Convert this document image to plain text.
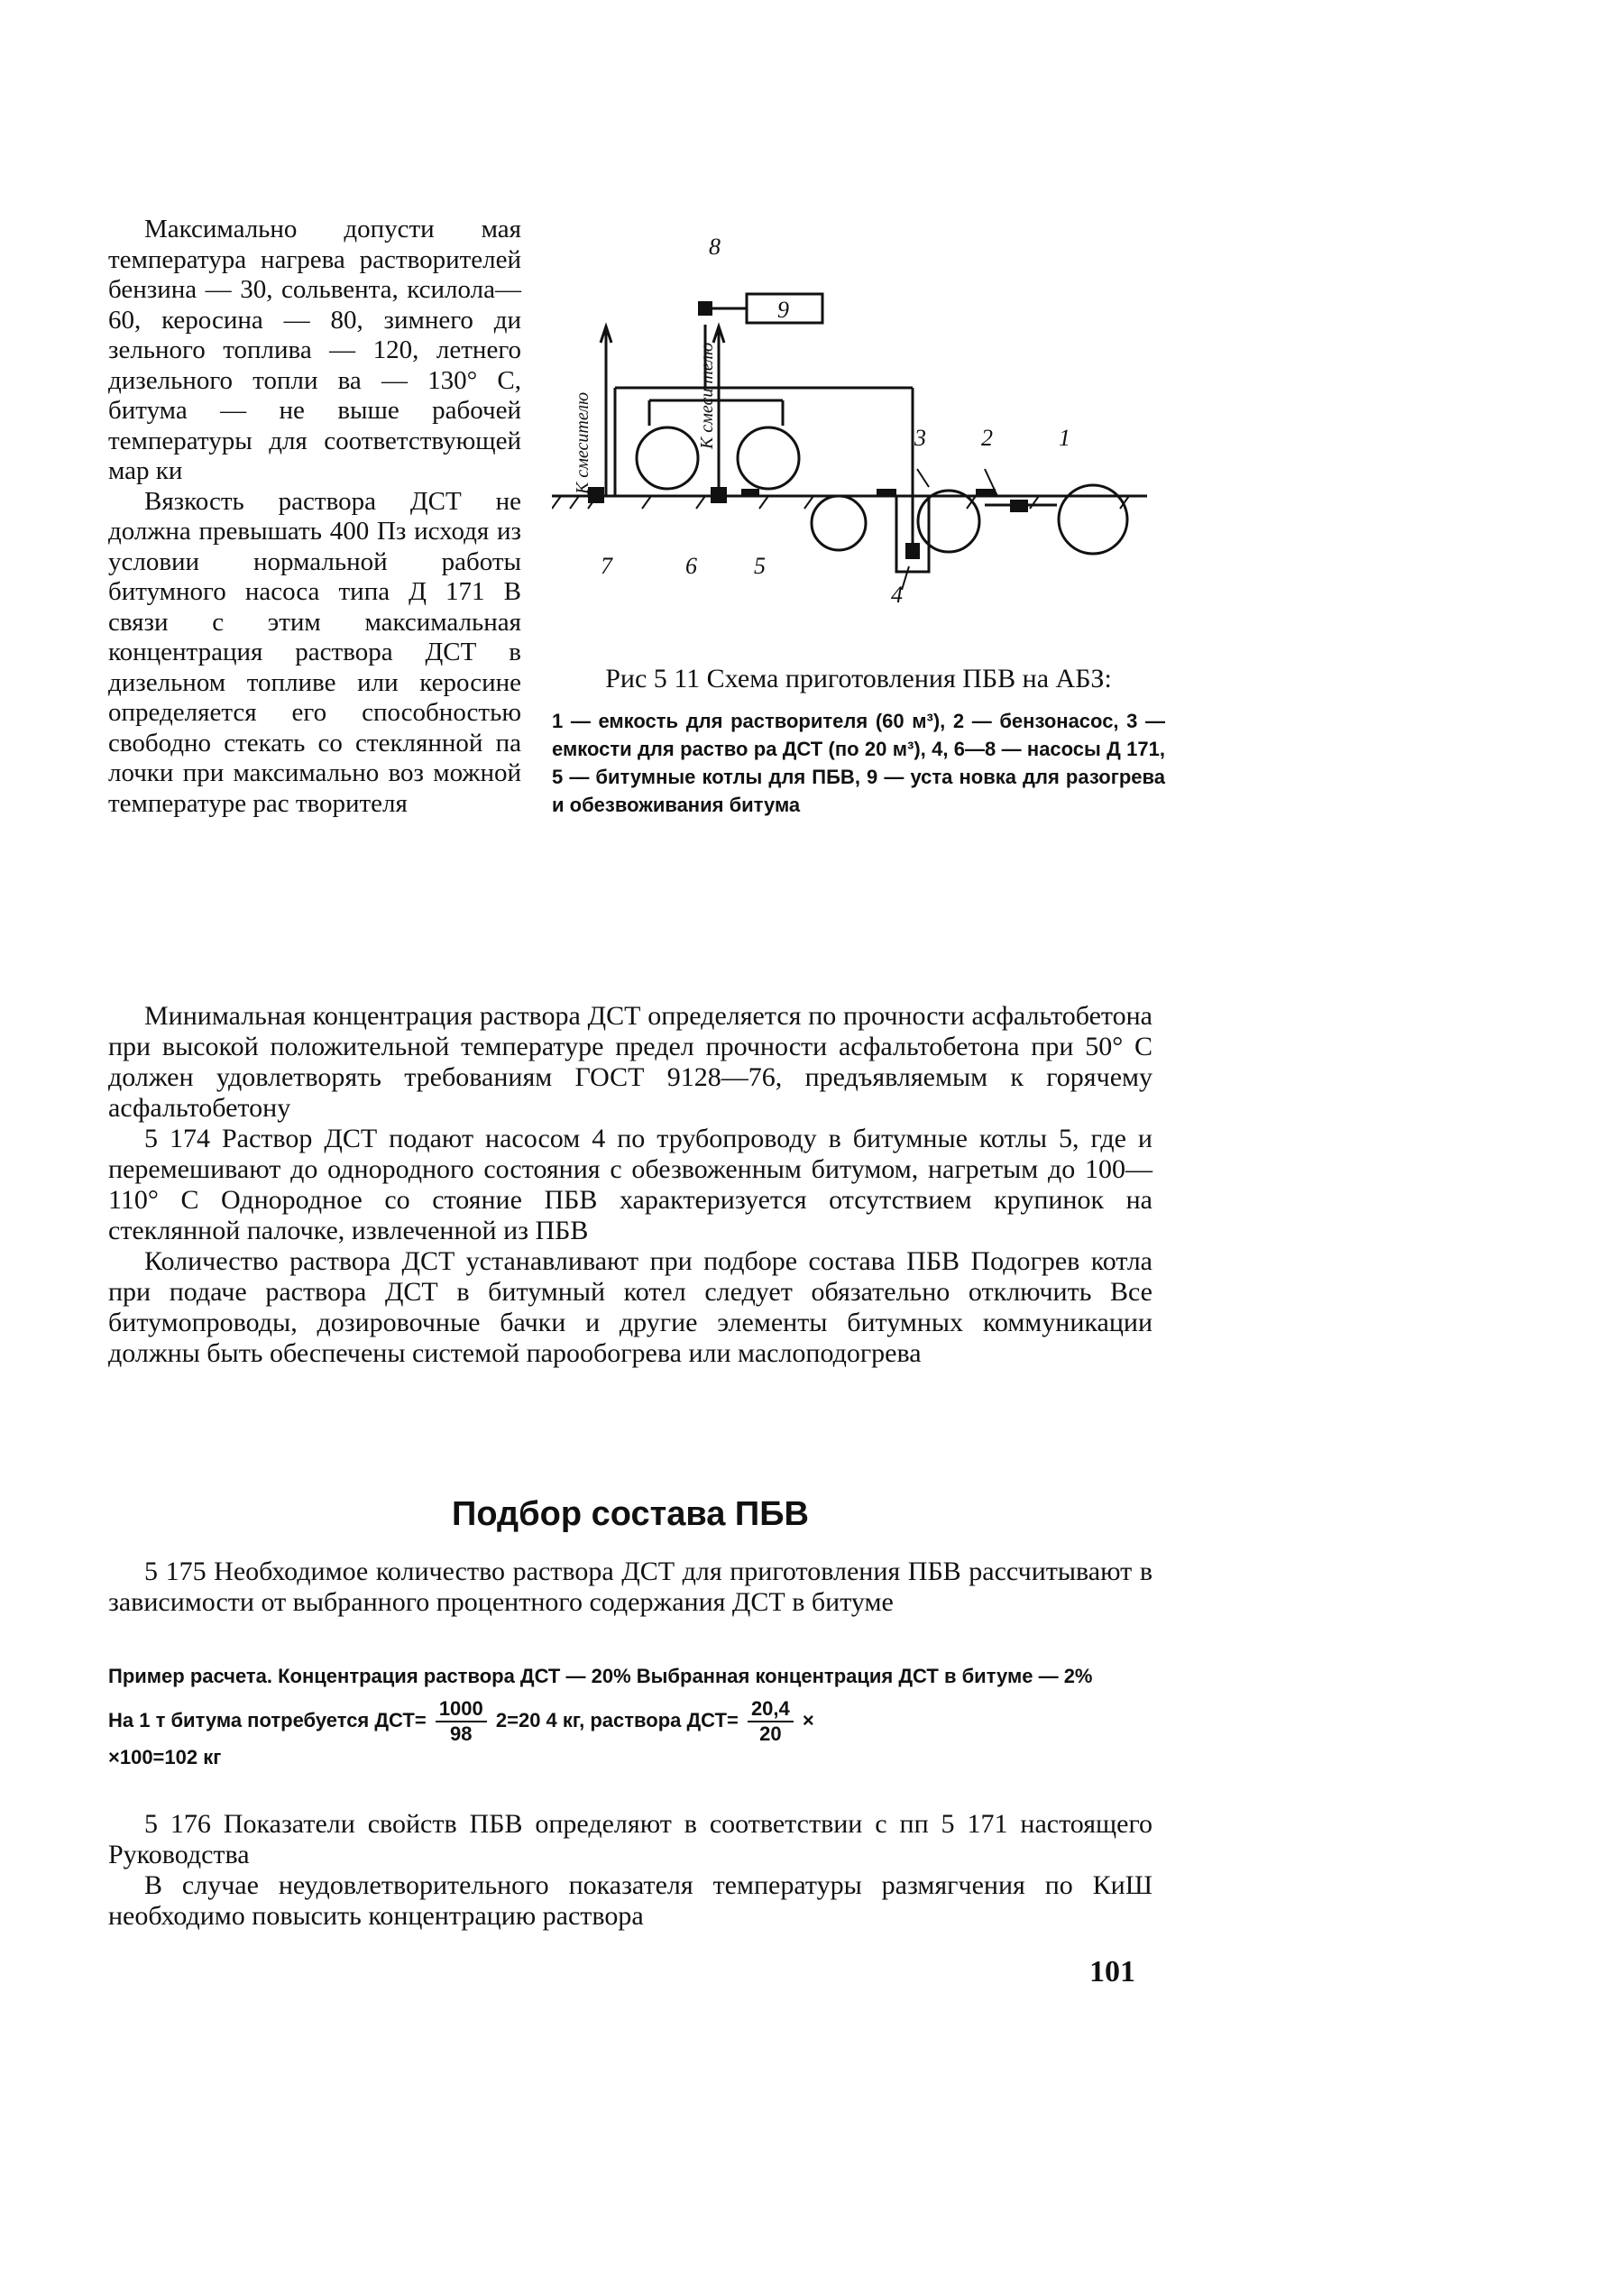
Максимально допусти мая температура нагрева растворителей бензина — 30, сольвента, ксилола—60, керосина — 80, зимнего ди зельного топлива — 120, летнего дизельного топли ва — 130° С, битума — не выше рабочей температуры для соответствующей мар ки

Вязкость раствора ДСТ не должна превышать 400 Пз исходя из условии нормальной работы битумного насоса типа Д 171 В связи с этим максимальная концентрация раствора ДСТ в дизельном топливе или керосине определяется его способностью свободно стекать со стеклянной па лочки при максимально воз можной температуре рас творителя

8
9
3 2	1
7	6 5
4
К смесителю	К смеси телю

Рис 5 11 Схема приготовления ПБВ на АБЗ:

1 — емкость для растворителя (60 м³), 2 — бензонасос, 3 — емкости для раство ра ДСТ (по 20 м³), 4, 6—8 — насосы Д 171, 5 — битумные котлы для ПБВ, 9 — уста новка для разогрева и обезвоживания битума

Минимальная концентрация раствора ДСТ определяется по прочности асфальтобетона при высокой положительной температуре предел прочности асфальтобетона при 50° С должен удовлетворять требованиям ГОСТ 9128—76, предъявляемым к горячему асфальтобетону

5 174 Раствор ДСТ подают насосом 4 по трубопроводу в битумные котлы 5, где и перемешивают до однородного состояния с обезвоженным битумом, нагретым до 100—110° С Однородное со стояние ПБВ характеризуется отсутствием крупинок на стеклянной палочке, извлеченной из ПБВ

Количество раствора ДСТ устанавливают при подборе состава ПБВ Подогрев котла при подаче раствора ДСТ в битумный котел следует обязательно отключить Все битумопроводы, дозировочные бачки и другие элементы битумных коммуникации должны быть обеспечены системой парообогрева или маслоподогрева

Подбор состава ПБВ

5 175 Необходимое количество раствора ДСТ для приготовления ПБВ рассчитывают в зависимости от выбранного процентного содержания ДСТ в битуме

Пример расчета. Концентрация раствора ДСТ — 20% Выбранная концентрация ДСТ в битуме — 2%

На 1 т битума потребуется $ДСТ= \frac{1000}{98} 2=20$ 4 кг, раствора $ДСТ= \frac{20,4}{20}$ ×

×100=102 кг

5 176 Показатели свойств ПБВ определяют в соответствии с пп 5 171 настоящего Руководства

В случае неудовлетворительного показателя температуры размягчения по КиШ необходимо повысить концентрацию раствора

101
